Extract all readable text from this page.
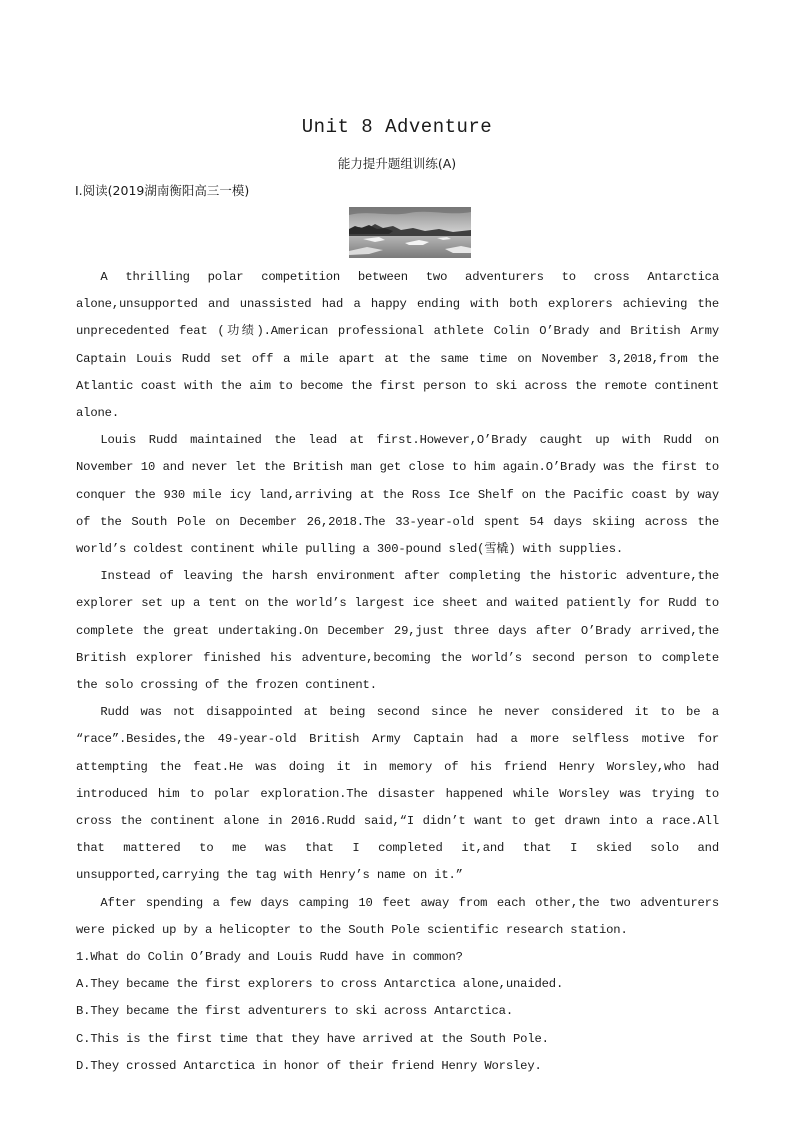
Unit 8 Adventure
能力提升题组训练(A)
Ⅰ.阅读(2019湖南衡阳高三一模)

A thrilling polar competition between two adventurers to cross Antarctica alone,unsupported and unassisted had a happy ending with both explorers achieving the unprecedented feat (功绩).American professional athlete Colin O’Brady and British Army Captain Louis Rudd set off a mile apart at the same time on November 3,2018,from the Atlantic coast with the aim to become the first person to ski across the remote continent alone.

Louis Rudd maintained the lead at first.However,O’Brady caught up with Rudd on November 10 and never let the British man get close to him again.O’Brady was the first to conquer the 930 mile icy land,arriving at the Ross Ice Shelf on the Pacific coast by way of the South Pole on December 26,2018.The 33-year-old spent 54 days skiing across the world’s coldest continent while pulling a 300-pound sled(雪橇) with supplies.

Instead of leaving the harsh environment after completing the historic adventure,the explorer set up a tent on the world’s largest ice sheet and waited patiently for Rudd to complete the great undertaking.On December 29,just three days after O’Brady arrived,the British explorer finished his adventure,becoming the world’s second person to complete the solo crossing of the frozen continent.

Rudd was not disappointed at being second since he never considered it to be a “race”.Besides,the 49-year-old British Army Captain had a more selfless motive for attempting the feat.He was doing it in memory of his friend Henry Worsley,who had introduced him to polar exploration.The disaster happened while Worsley was trying to cross the continent alone in 2016.Rudd said,“I didn’t want to get drawn into a race.All that mattered to me was that I completed it,and that I skied solo and unsupported,carrying the tag with Henry’s name on it.”

After spending a few days camping 10 feet away from each other,the two adventurers were picked up by a helicopter to the South Pole scientific research station.

1.What do Colin O’Brady and Louis Rudd have in common?

A.They became the first explorers to cross Antarctica alone,unaided.

B.They became the first adventurers to ski across Antarctica.

C.This is the first time that they have arrived at the South Pole.

D.They crossed Antarctica in honor of their friend Henry Worsley.
